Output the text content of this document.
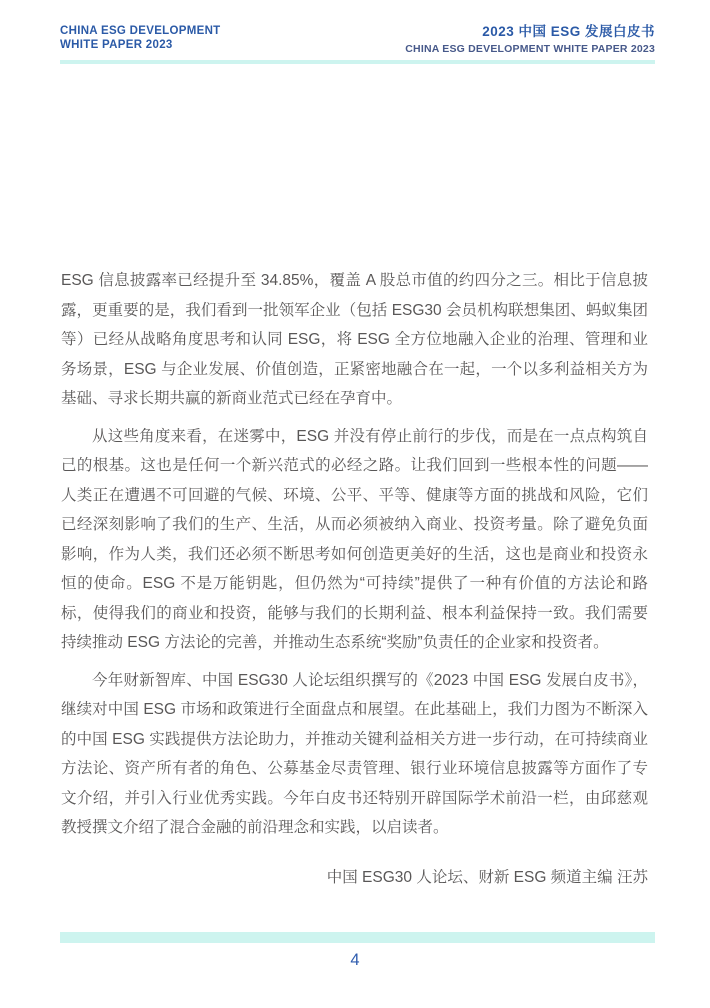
CHINA ESG DEVELOPMENT
WHITE PAPER 2023
2023 中国 ESG 发展白皮书
CHINA ESG DEVELOPMENT WHITE PAPER 2023

ESG 信息披露率已经提升至 34.85%，覆盖 A 股总市值的约四分之三。相比于信息披露，更重要的是，我们看到一批领军企业（包括 ESG30 会员机构联想集团、蚂蚁集团等）已经从战略角度思考和认同 ESG，将 ESG 全方位地融入企业的治理、管理和业务场景，ESG 与企业发展、价值创造，正紧密地融合在一起，一个以多利益相关方为基础、寻求长期共赢的新商业范式已经在孕育中。

从这些角度来看，在迷雾中，ESG 并没有停止前行的步伐，而是在一点点构筑自己的根基。这也是任何一个新兴范式的必经之路。让我们回到一些根本性的问题——人类正在遭遇不可回避的气候、环境、公平、平等、健康等方面的挑战和风险，它们已经深刻影响了我们的生产、生活，从而必须被纳入商业、投资考量。除了避免负面影响，作为人类，我们还必须不断思考如何创造更美好的生活，这也是商业和投资永恒的使命。ESG 不是万能钥匙，但仍然为“可持续”提供了一种有价值的方法论和路标，使得我们的商业和投资，能够与我们的长期利益、根本利益保持一致。我们需要持续推动 ESG 方法论的完善，并推动生态系统“奖励”负责任的企业家和投资者。

今年财新智库、中国 ESG30 人论坛组织撰写的《2023 中国 ESG 发展白皮书》，继续对中国 ESG 市场和政策进行全面盘点和展望。在此基础上，我们力图为不断深入的中国 ESG 实践提供方法论助力，并推动关键利益相关方进一步行动，在可持续商业方法论、资产所有者的角色、公募基金尽责管理、银行业环境信息披露等方面作了专文介绍，并引入行业优秀实践。今年白皮书还特别开辟国际学术前沿一栏，由邱慈观教授撰文介绍了混合金融的前沿理念和实践，以启读者。

中国 ESG30 人论坛、财新 ESG 频道主编 汪苏

4
